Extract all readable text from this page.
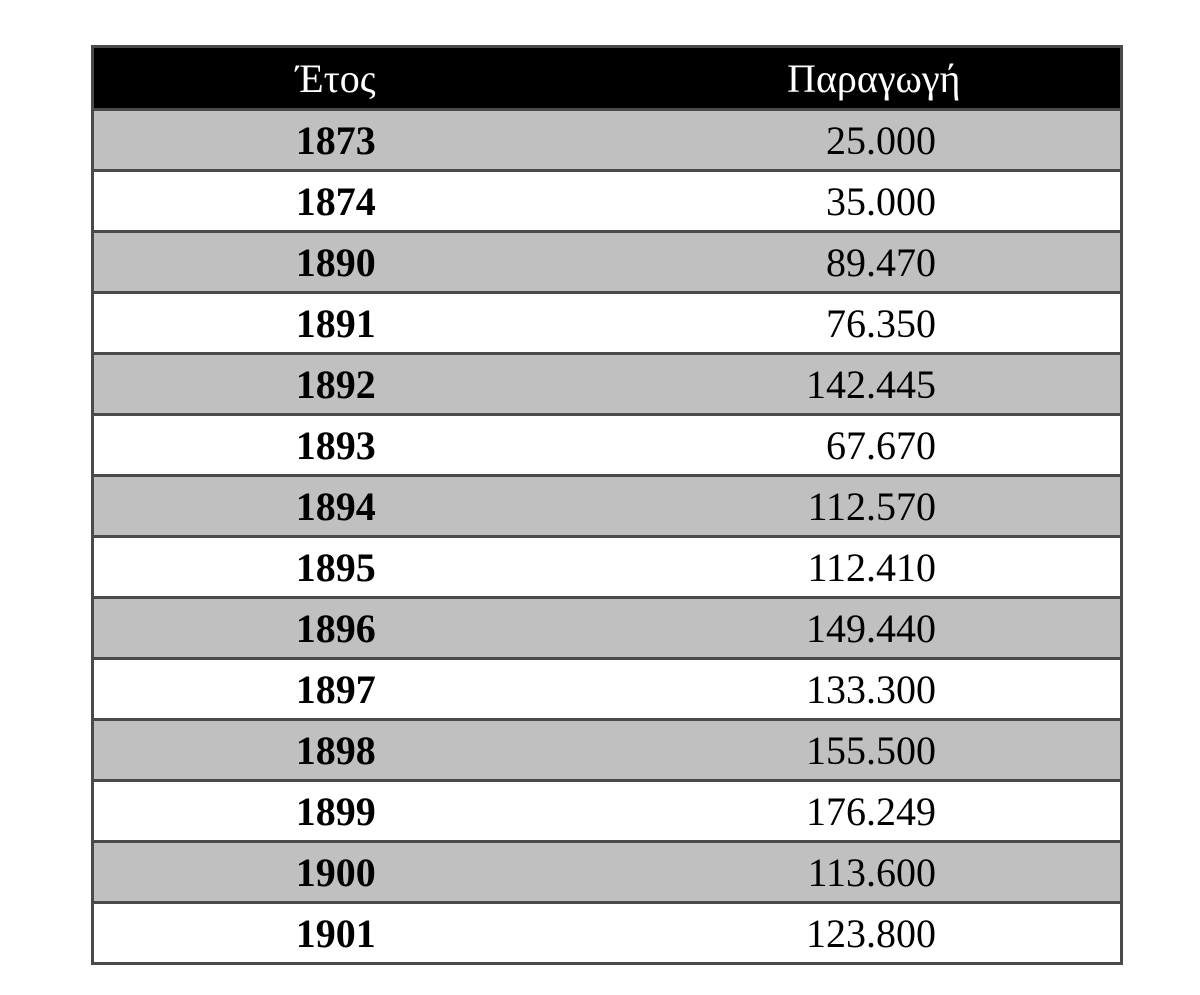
Έτος	Παραγωγή
1873	25.000
1874	35.000
1890	89.470
1891	76.350
1892	142.445
1893	67.670
1894	112.570
1895	112.410
1896	149.440
1897	133.300
1898	155.500
1899	176.249
1900	113.600
1901	123.800
